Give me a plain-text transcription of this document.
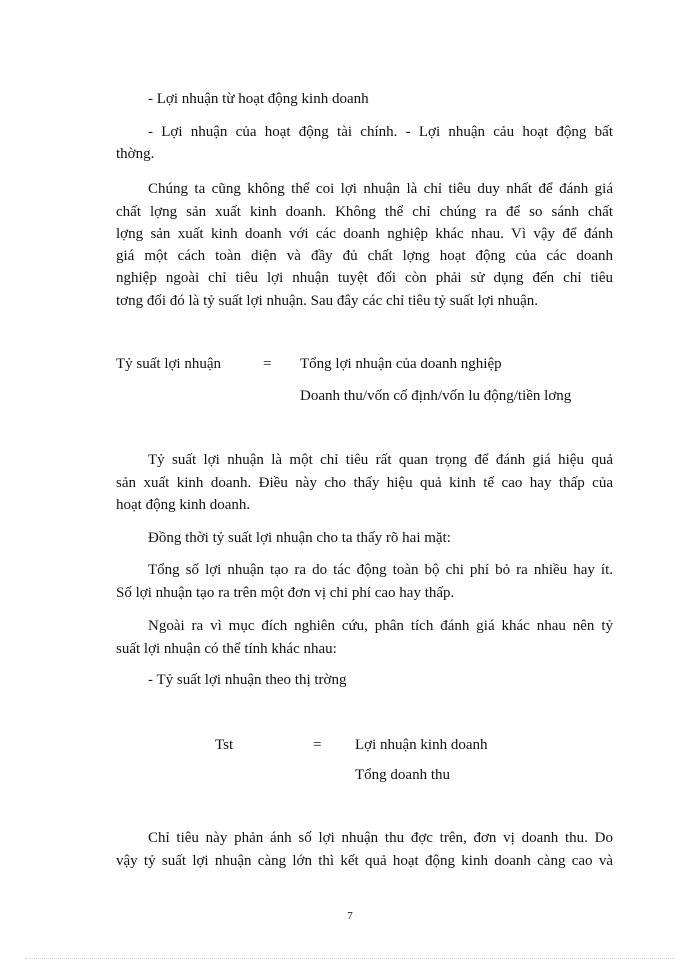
- Lợi nhuận từ hoạt động kinh doanh

- Lợi nhuận của hoạt động tài chính. - Lợi nhuận cảu hoạt động bất

thờng.

Chúng ta cũng không thể coi lợi nhuận là chỉ tiêu duy nhất để đánh giá

chất lợng sản xuất kinh doanh. Không thể chỉ chúng ra để so sánh chất

lợng sản xuất kinh doanh với các doanh nghiệp khác nhau. Vì vậy để đánh

giá một cách toàn diện và đầy đủ chất lợng hoạt động của các doanh

nghiệp ngoài chỉ tiêu lợi nhuận tuyệt đối còn phải sử dụng đến chỉ tiêu

tơng đối đó là tỷ suất lợi nhuận. Sau đây các chỉ tiêu tỷ suất lợi nhuận.

Tỷ suất lợi nhuận	= Tổng lợi nhuận của doanh nghiệp

Doanh thu/vốn cố định/vốn lu động/tiền lơng

Tỷ suất lợi nhuận là một chỉ tiêu rất quan trọng để đánh giá hiệu quả

sản xuất kinh doanh. Điều này cho thấy hiệu quả kinh tế cao hay thấp của

hoạt động kinh doanh.

Đồng thời tỷ suất lợi nhuận cho ta thấy rõ hai mặt:

Tổng số lợi nhuận tạo ra do tác động toàn bộ chi phí bỏ ra nhiều hay ít.

Số lợi nhuận tạo ra trên một đơn vị chi phí cao hay thấp.

Ngoài ra vì mục đích nghiên cứu, phân tích đánh giá khác nhau nên tỷ

suất lợi nhuận có thể tính khác nhau:

- Tỷ suất lợi nhuận theo thị trờng

Tst	= Lợi nhuận kinh doanh

Tổng doanh thu

Chỉ tiêu này phản ánh số lợi nhuận thu đợc trên, đơn vị doanh thu. Do

vậy tỷ suất lợi nhuận càng lớn thì kết quả hoạt động kinh doanh càng cao và

7
